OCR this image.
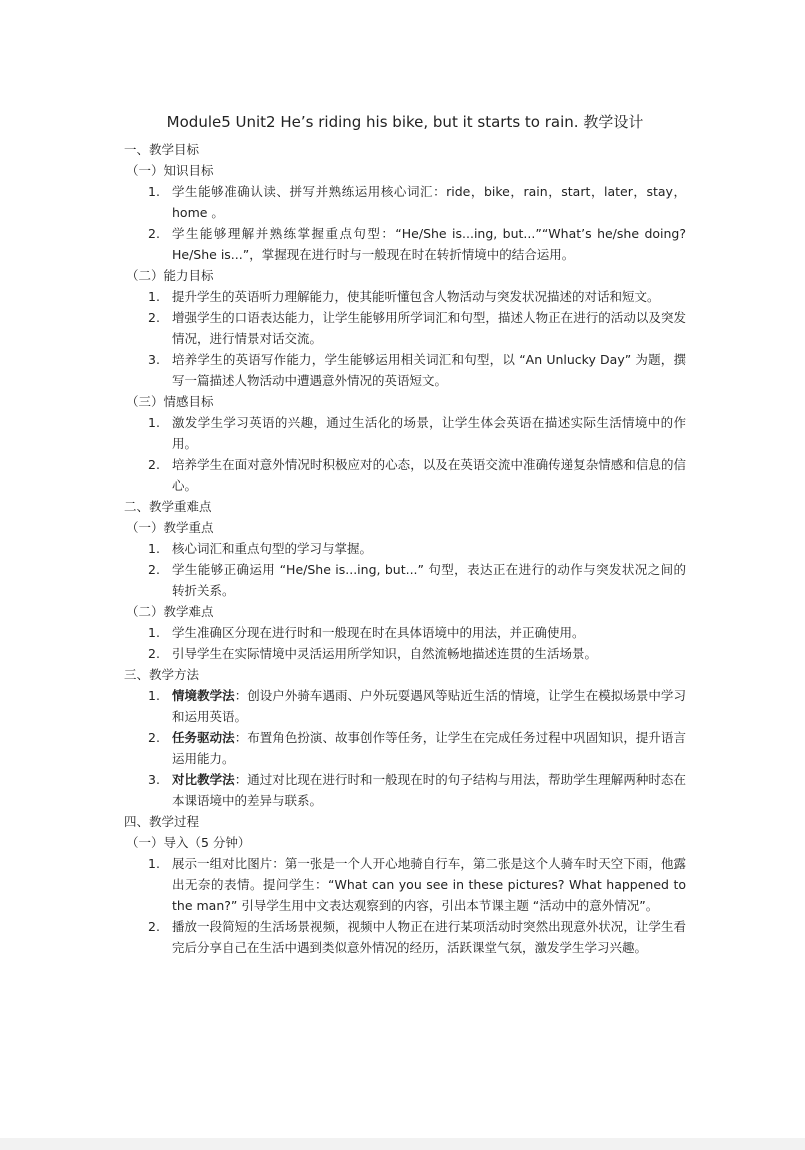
Module5 Unit2 He’s riding his bike, but it starts to rain. 教学设计
一、教学目标
（一）知识目标
1. 学生能够准确认读、拼写并熟练运用核心词汇：ride，bike，rain，start，later，stay，home 。
2. 学生能够理解并熟练掌握重点句型：“He/She is...ing, but...”“What’s he/she doing? He/She is...”，掌握现在进行时与一般现在时在转折情境中的结合运用。
（二）能力目标
1. 提升学生的英语听力理解能力，使其能听懂包含人物活动与突发状况描述的对话和短文。
2. 增强学生的口语表达能力，让学生能够用所学词汇和句型，描述人物正在进行的活动以及突发情况，进行情景对话交流。
3. 培养学生的英语写作能力，学生能够运用相关词汇和句型，以 “An Unlucky Day” 为题，撰写一篇描述人物活动中遭遇意外情况的英语短文。
（三）情感目标
1. 激发学生学习英语的兴趣，通过生活化的场景，让学生体会英语在描述实际生活情境中的作用。
2. 培养学生在面对意外情况时积极应对的心态，以及在英语交流中准确传递复杂情感和信息的信心。
二、教学重难点
（一）教学重点
1. 核心词汇和重点句型的学习与掌握。
2. 学生能够正确运用 “He/She is...ing, but...” 句型，表达正在进行的动作与突发状况之间的转折关系。
（二）教学难点
1. 学生准确区分现在进行时和一般现在时在具体语境中的用法，并正确使用。
2. 引导学生在实际情境中灵活运用所学知识，自然流畅地描述连贯的生活场景。
三、教学方法
1. 情境教学法：创设户外骑车遇雨、户外玩耍遇风等贴近生活的情境，让学生在模拟场景中学习和运用英语。
2. 任务驱动法：布置角色扮演、故事创作等任务，让学生在完成任务过程中巩固知识，提升语言运用能力。
3. 对比教学法：通过对比现在进行时和一般现在时的句子结构与用法，帮助学生理解两种时态在本课语境中的差异与联系。
四、教学过程
（一）导入（5 分钟）
1. 展示一组对比图片：第一张是一个人开心地骑自行车，第二张是这个人骑车时天空下雨，他露出无奈的表情。提问学生：“What can you see in these pictures? What happened to the man?” 引导学生用中文表达观察到的内容，引出本节课主题 “活动中的意外情况”。
2. 播放一段简短的生活场景视频，视频中人物正在进行某项活动时突然出现意外状况，让学生看完后分享自己在生活中遇到类似意外情况的经历，活跃课堂气氛，激发学生学习兴趣。
